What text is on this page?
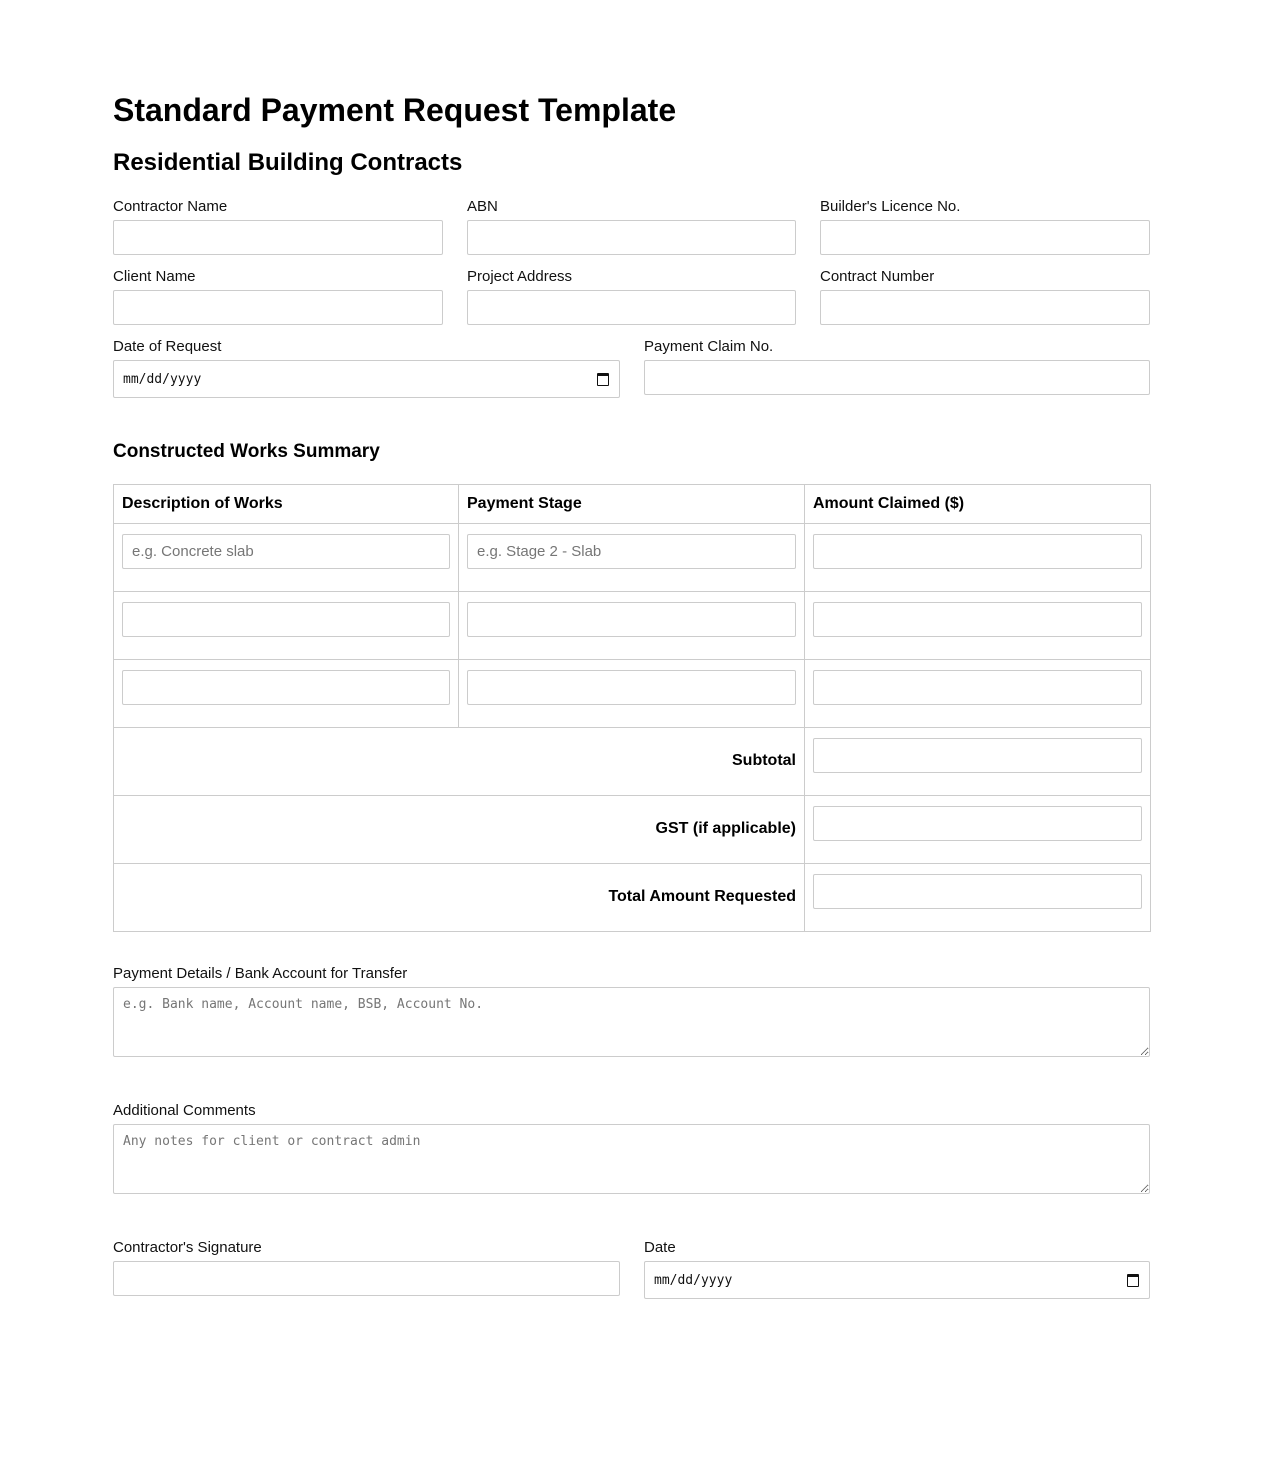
Standard Payment Request Template
Residential Building Contracts
Contractor Name	ABN	Builder's Licence No.
Client Name	Project Address	Contract Number
Date of Request
mm/dd/yyyy
Payment Claim No.
Constructed Works Summary
Description of Works	Payment Stage	Amount Claimed ($)
e.g. Concrete slab	e.g. Stage 2 - Slab	

Subtotal	
GST (if applicable)	
Total Amount Requested	
Payment Details / Bank Account for Transfer
e.g. Bank name, Account name, BSB, Account No.
Additional Comments
Any notes for client or contract admin
Contractor's Signature	Date
mm/dd/yyyy
